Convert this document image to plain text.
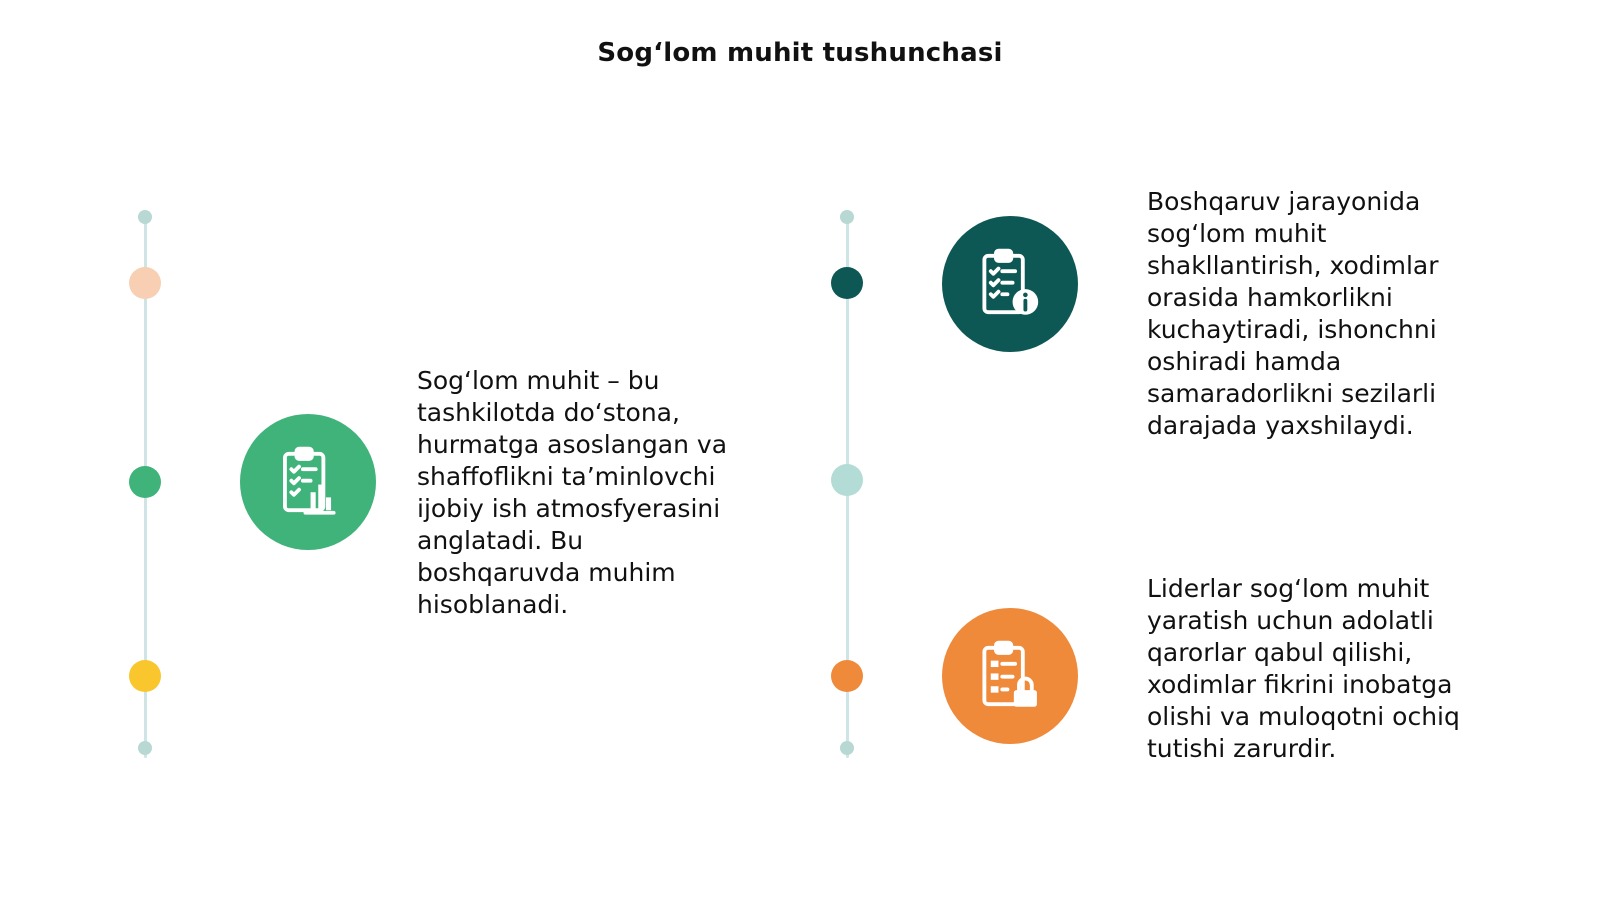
Sog‘lom muhit tushunchasi
Sog‘lom muhit – bu tashkilotda do‘stona, hurmatga asoslangan va shaffoflikni ta’minlovchi ijobiy ish atmosfyerasini anglatadi. Bu boshqaruvda muhim hisoblanadi.
Boshqaruv jarayonida sog‘lom muhit shakllantirish, xodimlar orasida hamkorlikni kuchaytiradi, ishonchni oshiradi hamda samaradorlikni sezilarli darajada yaxshilaydi.
Liderlar sog‘lom muhit yaratish uchun adolatli qarorlar qabul qilishi, xodimlar fikrini inobatga olishi va muloqotni ochiq tutishi zarurdir.
